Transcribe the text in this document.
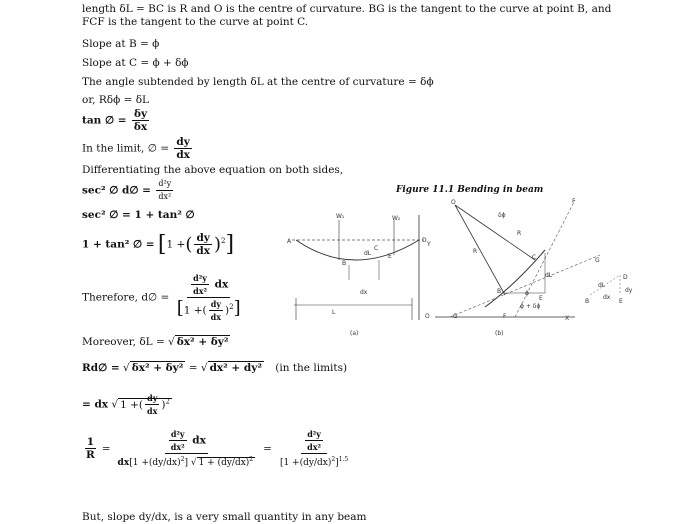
length δL = BC is R and O is the centre of curvature. BG is the tangent to the curve at point B, and FCF is the tangent to the curve at point C.
Slope at B = ϕ
Slope at C = ϕ + δϕ
The angle subtended by length δL at the centre of curvature = δϕ
or, Rδϕ = δL
tan ∅ = $\frac{\delta y}{\delta x}$
In the limit, ∅ = $\frac{dy}{dx}$
Differentiating the above equation on both sides,
sec² ∅ d∅ = $\frac{\text{d²y}}{\text{dx²}}$
sec² ∅ = 1 + tan² ∅
1 + tan² ∅ = [1 +( $\frac{dy}{dx} )^2$]
Therefore, d∅ = $\frac{\frac{\text{d²y}}{\text{dx²}} dx}{[1 +( \frac{dy}{dx} )^2]}$
Moreover, δL = √ δx² + δy²
Rd∅ = √ δx² + δy² = √ dx² + dy² (in the limits)
= dx √ 1 +( $\frac{dy}{dx} )^2$
$\frac{1}{R} = \frac{\frac{\text{d²y}}{\text{dx²}} dx}{dx[1 +(dy/dx)^2] √ 1 + (dy/dx)^2} = \frac{\frac{\text{d²y}}{\text{dx²}}}{[1 +(dy/dx)^2]^{1.5}}$
But, slope dy/dx, is a very small quantity in any beam
Figure 11.1 Bending in beam
W₁	W₂
A
B
C
D
Y
E
dL
dx
L
O
(a)
O
δϕ
R
R
F
C
dL
B
E
ϕ
ϕ + δϕ
G	F	X
G
D
dy
dx
dL
B	E
(b)
